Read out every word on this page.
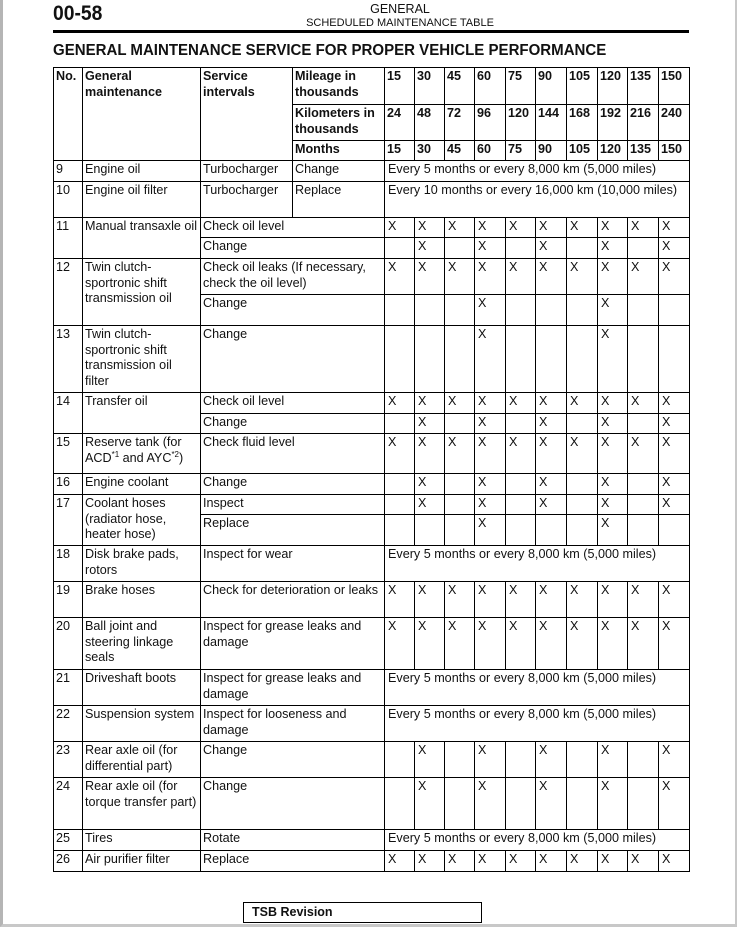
00-58	GENERAL
SCHEDULED MAINTENANCE TABLE
GENERAL MAINTENANCE SERVICE FOR PROPER VEHICLE PERFORMANCE
No.	General maintenance	Service intervals	Mileage in thousands	15	30	45	60	75	90	105	120	135	150
			Kilometers in thousands	24	48	72	96	120	144	168	192	216	240
			Months	15	30	45	60	75	90	105	120	135	150
9	Engine oil	Turbocharger	Change	Every 5 months or every 8,000 km (5,000 miles)									
10	Engine oil filter	Turbocharger	Replace	Every 10 months or every 16,000 km (10,000 miles)									
11	Manual transaxle oil	Check oil level		X	X	X	X	X	X	X	X	X	X
		Change			X		X		X		X		X
12	Twin clutch-sportronic shift transmission oil	Check oil leaks (If necessary, check the oil level)		X	X	X	X	X	X	X	X	X	X
		Change					X				X		
13	Twin clutch-sportronic shift transmission oil filter	Change					X				X		
14	Transfer oil	Check oil level		X	X	X	X	X	X	X	X	X	X
		Change			X		X		X		X		X
15	Reserve tank (for ACD$^{*1}$ and AYC$^{*2}$)	Check fluid level		X	X	X	X	X	X	X	X	X	X
16	Engine coolant	Change			X		X		X		X		X
17	Coolant hoses (radiator hose, heater hose)	Inspect			X		X		X		X		X
		Replace					X				X		
18	Disk brake pads, rotors	Inspect for wear		Every 5 months or every 8,000 km (5,000 miles)									
19	Brake hoses	Check for deterioration or leaks		X	X	X	X	X	X	X	X	X	X
20	Ball joint and steering linkage seals	Inspect for grease leaks and damage		X	X	X	X	X	X	X	X	X	X
21	Driveshaft boots	Inspect for grease leaks and damage		Every 5 months or every 8,000 km (5,000 miles)									
22	Suspension system	Inspect for looseness and damage		Every 5 months or every 8,000 km (5,000 miles)									
23	Rear axle oil (for differential part)	Change			X		X		X		X		X
24	Rear axle oil (for torque transfer part)	Change			X		X		X		X		X
25	Tires	Rotate		Every 5 months or every 8,000 km (5,000 miles)									
26	Air purifier filter	Replace		X	X	X	X	X	X	X	X	X	X
TSB Revision
